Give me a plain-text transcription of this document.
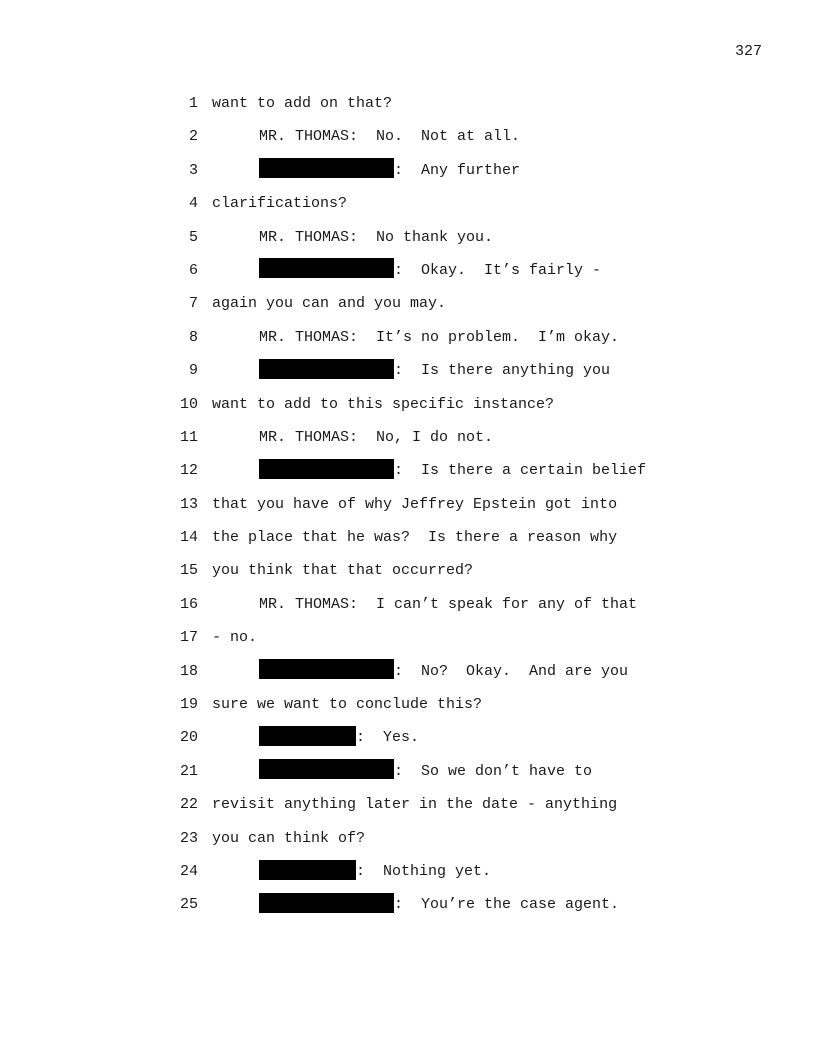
327
1 want to add on that?
2	MR. THOMAS:  No.  Not at all.
3	:  Any further
4 clarifications?
5	MR. THOMAS:  No thank you.
6	:  Okay.  It’s fairly -
7 again you can and you may.
8	MR. THOMAS:  It’s no problem.  I’m okay.
9	:  Is there anything you
10 want to add to this specific instance?
11	MR. THOMAS:  No, I do not.
12	:  Is there a certain belief
13 that you have of why Jeffrey Epstein got into
14 the place that he was?  Is there a reason why
15 you think that that occurred?
16	MR. THOMAS:  I can’t speak for any of that
17 - no.
18	:  No?  Okay.  And are you
19 sure we want to conclude this?
20	:  Yes.
21	:  So we don’t have to
22 revisit anything later in the date - anything
23 you can think of?
24	:  Nothing yet.
25	:  You’re the case agent.
